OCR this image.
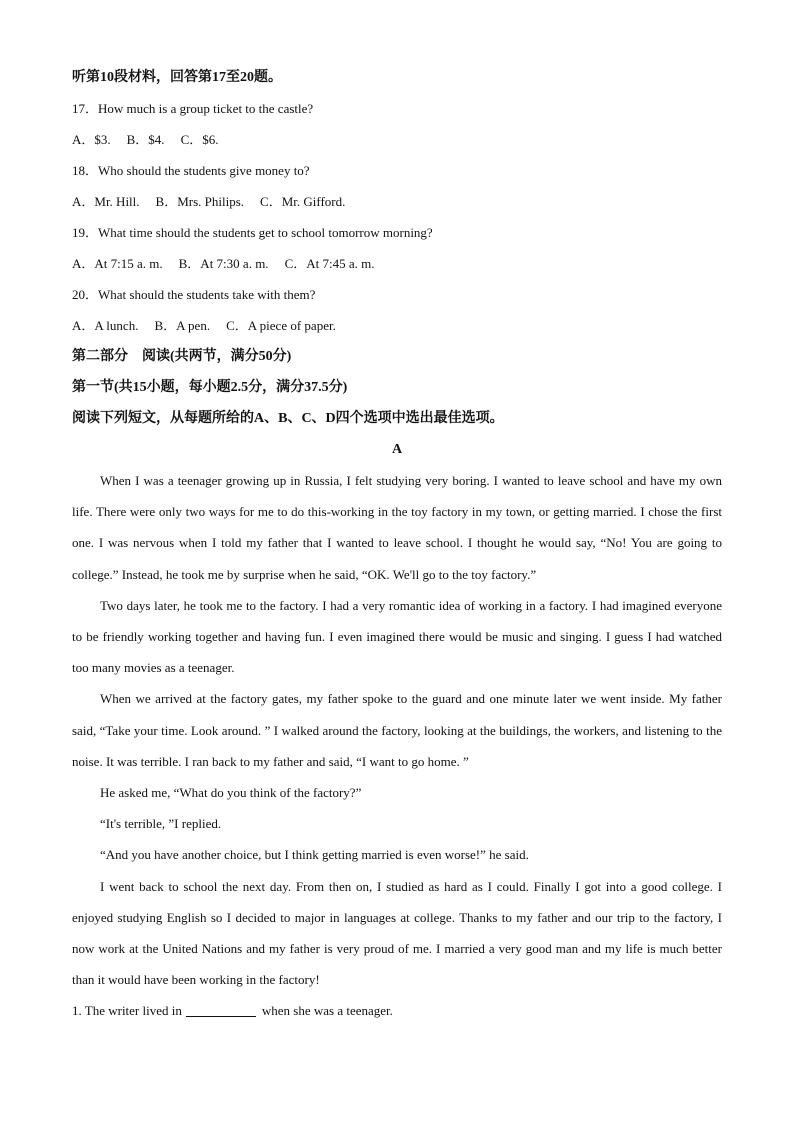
听第10段材料，回答第17至20题。
17．How much is a group ticket to the castle?
A．$3. B．$4. C．$6.
18．Who should the students give money to?
A．Mr. Hill. B．Mrs. Philips. C．Mr. Gifford.
19．What time should the students get to school tomorrow morning?
A．At 7:15 a. m. B．At 7:30 a. m. C．At 7:45 a. m.
20．What should the students take with them?
A．A lunch. B．A pen. C．A piece of paper.
第二部分　阅读(共两节，满分50分)
第一节(共15小题，每小题2.5分，满分37.5分)
阅读下列短文，从每题所给的A、B、C、D四个选项中选出最佳选项。
A
When I was a teenager growing up in Russia, I felt studying very boring. I wanted to leave school and have my own life. There were only two ways for me to do this-working in the toy factory in my town, or getting married. I chose the first one. I was nervous when I told my father that I wanted to leave school. I thought he would say, “No! You are going to college.” Instead, he took me by surprise when he said, “OK. We'll go to the toy factory.”
Two days later, he took me to the factory. I had a very romantic idea of working in a factory. I had imagined everyone to be friendly working together and having fun. I even imagined there would be music and singing. I guess I had watched too many movies as a teenager.
When we arrived at the factory gates, my father spoke to the guard and one minute later we went inside. My father said, “Take your time. Look around. ” I walked around the factory, looking at the buildings, the workers, and listening to the noise. It was terrible. I ran back to my father and said, “I want to go home. ”
He asked me, “What do you think of the factory?”
“It's terrible, ”I replied.
“And you have another choice, but I think getting married is even worse!” he said.
I went back to school the next day. From then on, I studied as hard as I could. Finally I got into a good college. I enjoyed studying English so I decided to major in languages at college. Thanks to my father and our trip to the factory, I now work at the United Nations and my father is very proud of me. I married a very good man and my life is much better than it would have been working in the factory!
1. The writer lived in	when she was a teenager.
